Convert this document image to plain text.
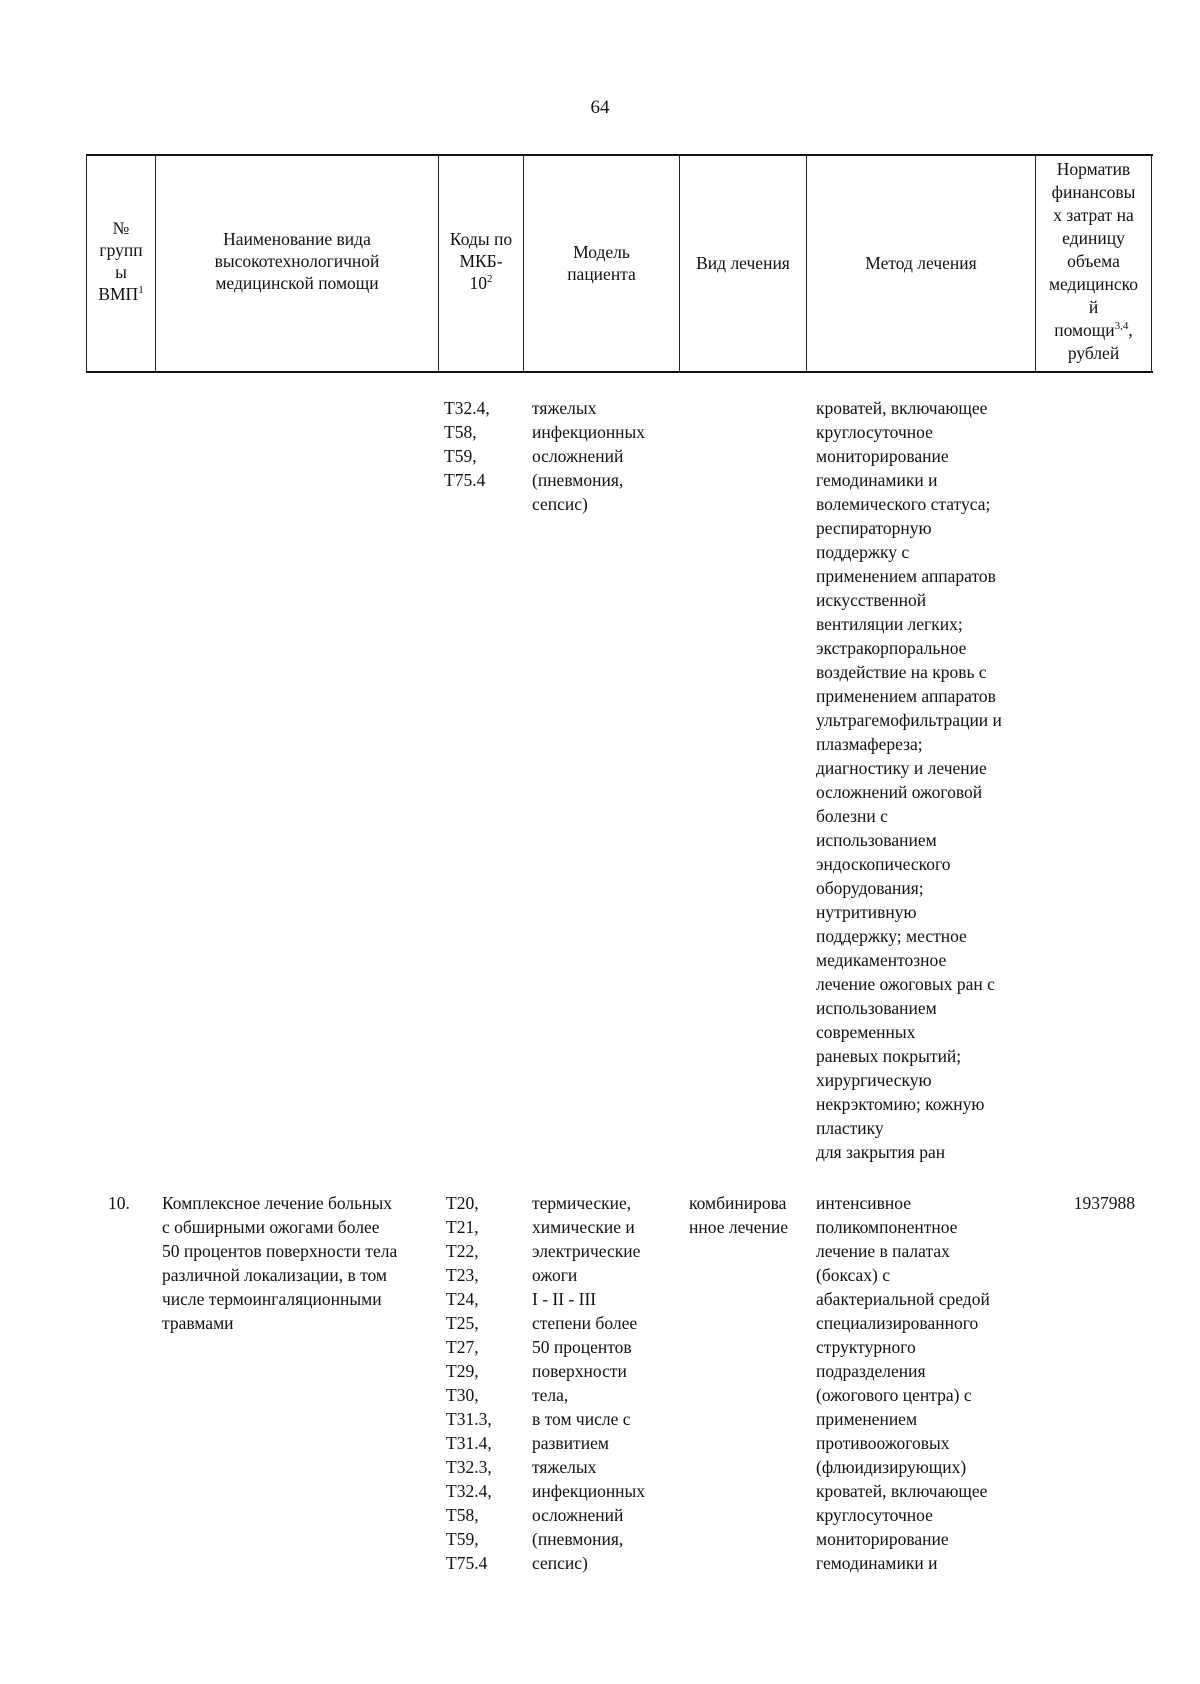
64
№
групп
ы
ВМП$^1$
Наименование вида
высокотехнологичной
медицинской помощи
Коды по
МКБ-
$10^2$
Модель
пациента
Вид лечения	Метод лечения
Норматив
финансовы
х затрат на
единицу
объема
медицинско
й
помощи$^{3,4}$,
рублей
Т32.4,
Т58,
Т59,
Т75.4
тяжелых
инфекционных
осложнений
(пневмония,
сепсис)
кроватей, включающее
круглосуточное
мониторирование
гемодинамики и
волемического статуса;
респираторную
поддержку с
применением аппаратов
искусственной
вентиляции легких;
экстракорпоральное
воздействие на кровь с
применением аппаратов
ультрагемофильтрации и
плазмафереза;
диагностику и лечение
осложнений ожоговой
болезни с
использованием
эндоскопического
оборудования;
нутритивную
поддержку; местное
медикаментозное
лечение ожоговых ран с
использованием
современных
раневых покрытий;
хирургическую
некрэктомию; кожную
пластику
для закрытия ран
10.	Комплексное лечение больных
с обширными ожогами более
50 процентов поверхности тела
различной локализации, в том
числе термоингаляционными
травмами
Т20,
Т21,
Т22,
Т23,
Т24,
Т25,
Т27,
Т29,
Т30,
Т31.3,
Т31.4,
Т32.3,
Т32.4,
Т58,
Т59,
Т75.4
термические,
химические и
электрические
ожоги
I - II - III
степени более
50 процентов
поверхности
тела,
в том числе с
развитием
тяжелых
инфекционных
осложнений
(пневмония,
сепсис)
комбинирова
нное лечение
интенсивное
поликомпонентное
лечение в палатах
(боксах) с
абактериальной средой
специализированного
структурного
подразделения
(ожогового центра) с
применением
противоожоговых
(флюидизирующих)
кроватей, включающее
круглосуточное
мониторирование
гемодинамики и
1937988
